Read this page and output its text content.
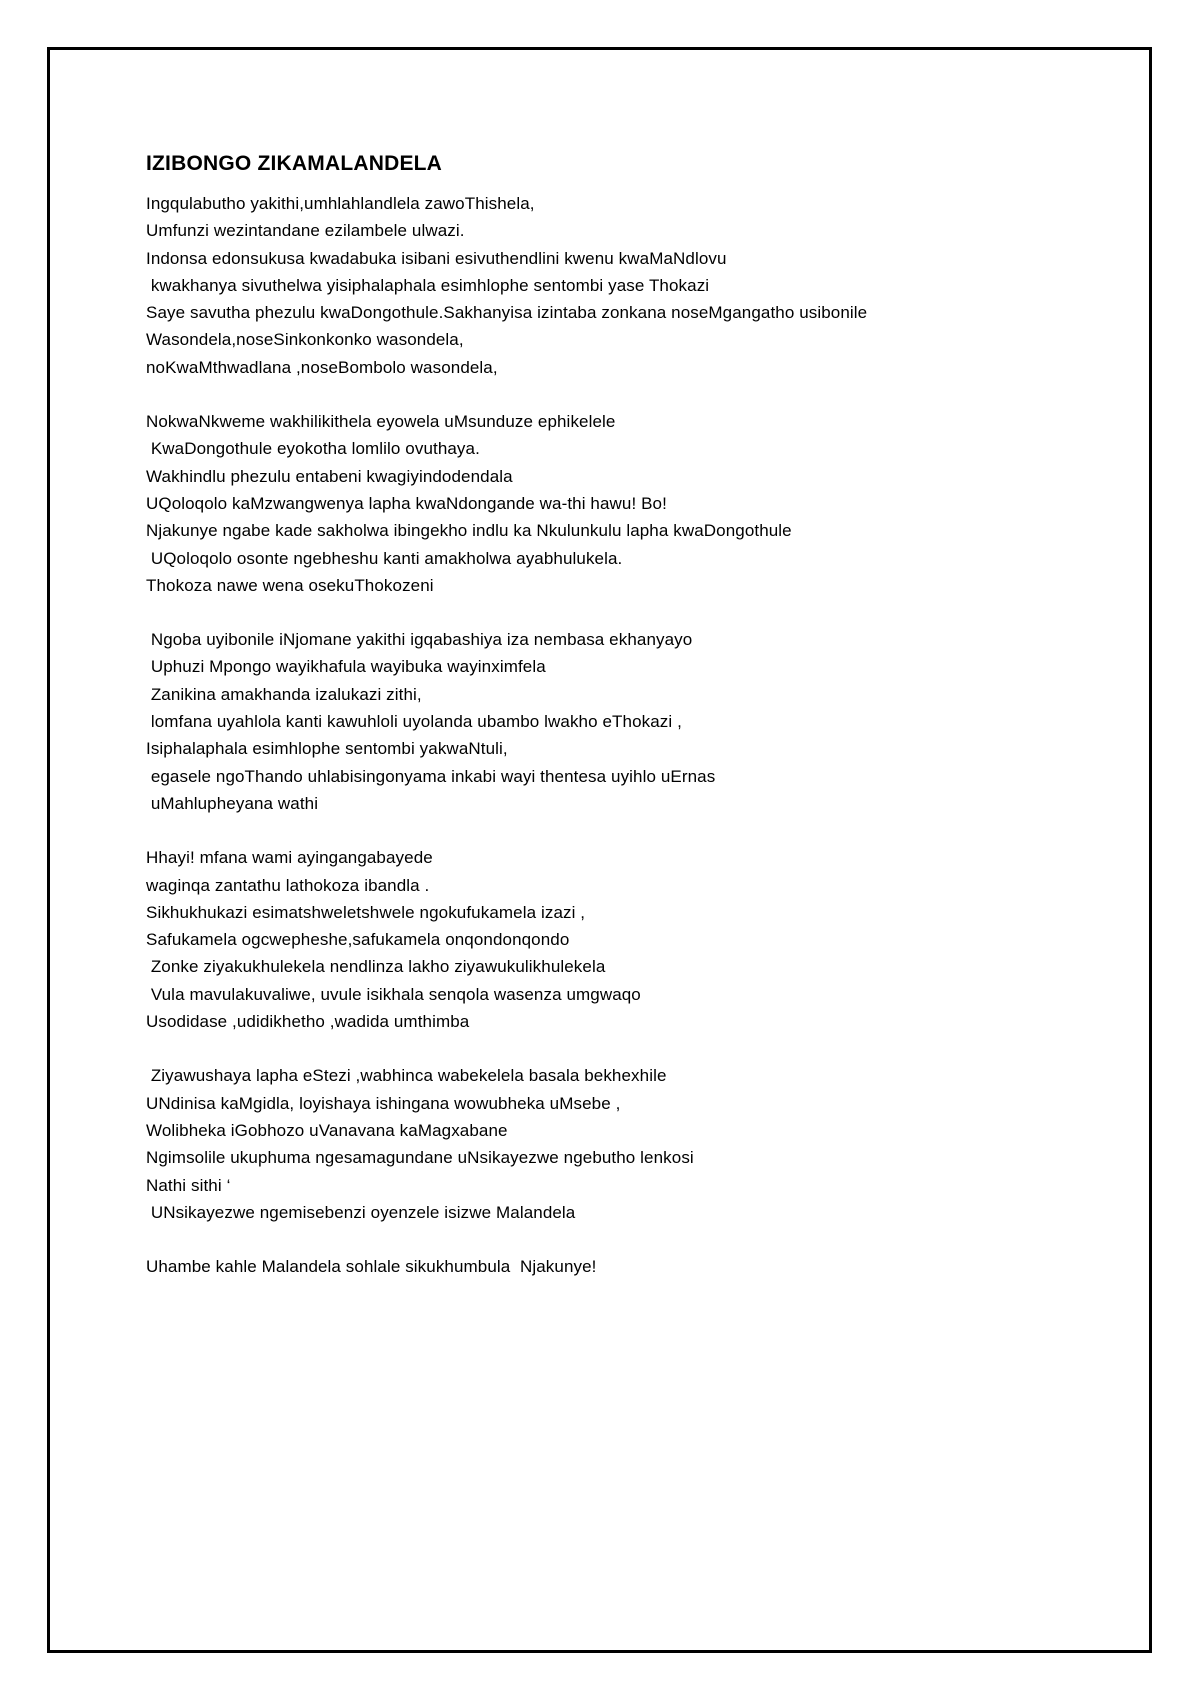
IZIBONGO ZIKAMALANDELA
Ingqulabutho yakithi,umhlahlandlela zawoThishela,
Umfunzi wezintandane ezilambele ulwazi.
Indonsa edonsukusa kwadabuka isibani esivuthendlini kwenu kwaMaNdlovu
kwakhanya sivuthelwa yisiphalaphala esimhlophe sentombi yase Thokazi
Saye savutha phezulu kwaDongothule.Sakhanyisa izintaba zonkana noseMgangatho usibonile
Wasondela,noseSinkonkonko wasondela,
noKwaMthwadlana ,noseBombolo wasondela,
NokwaNkweme wakhilikithela eyowela uMsunduze ephikelele
KwaDongothule eyokotha lomlilo ovuthaya.
Wakhindlu phezulu entabeni kwagiyindodendala
UQoloqolo kaMzwangwenya lapha kwaNdongande wa-thi hawu! Bo!
Njakunye ngabe kade sakholwa ibingekho indlu ka Nkulunkulu lapha kwaDongothule
UQoloqolo osonte ngebheshu kanti amakholwa ayabhulukela.
Thokoza nawe wena osekuThokozeni
Ngoba uyibonile iNjomane yakithi igqabashiya iza nembasa ekhanyayo
Uphuzi Mpongo wayikhafula wayibuka wayinximfela
Zanikina amakhanda izalukazi zithi,
lomfana uyahlola kanti kawuhloli uyolanda ubambo lwakho eThokazi ,
Isiphalaphala esimhlophe sentombi yakwaNtuli,
egasele ngoThando uhlabisingonyama inkabi wayi thentesa uyihlo uErnas
uMahlupheyana wathi
Hhayi! mfana wami ayingangabayede
waginqa zantathu lathokoza ibandla .
Sikhukhukazi esimatshweletshwele ngokufukamela izazi ,
Safukamela ogcwepheshe,safukamela onqondonqondo
Zonke ziyakukhulekela nendlinza lakho ziyawukulikhulekela
Vula mavulakuvaliwe, uvule isikhala senqola wasenza umgwaqo
Usodidase ,udidikhetho ,wadida umthimba
Ziyawushaya lapha eStezi ,wabhinca wabekelela basala bekhexhile
UNdinisa kaMgidla, loyishaya ishingana wowubheka uMsebe ,
Wolibheka iGobhozo uVanavana kaMagxabane
Ngimsolile ukuphuma ngesamagundane uNsikayezwe ngebutho lenkosi
Nathi sithi ‘
UNsikayezwe ngemisebenzi oyenzele isizwe Malandela
Uhambe kahle Malandela sohlale sikukhumbula  Njakunye!
